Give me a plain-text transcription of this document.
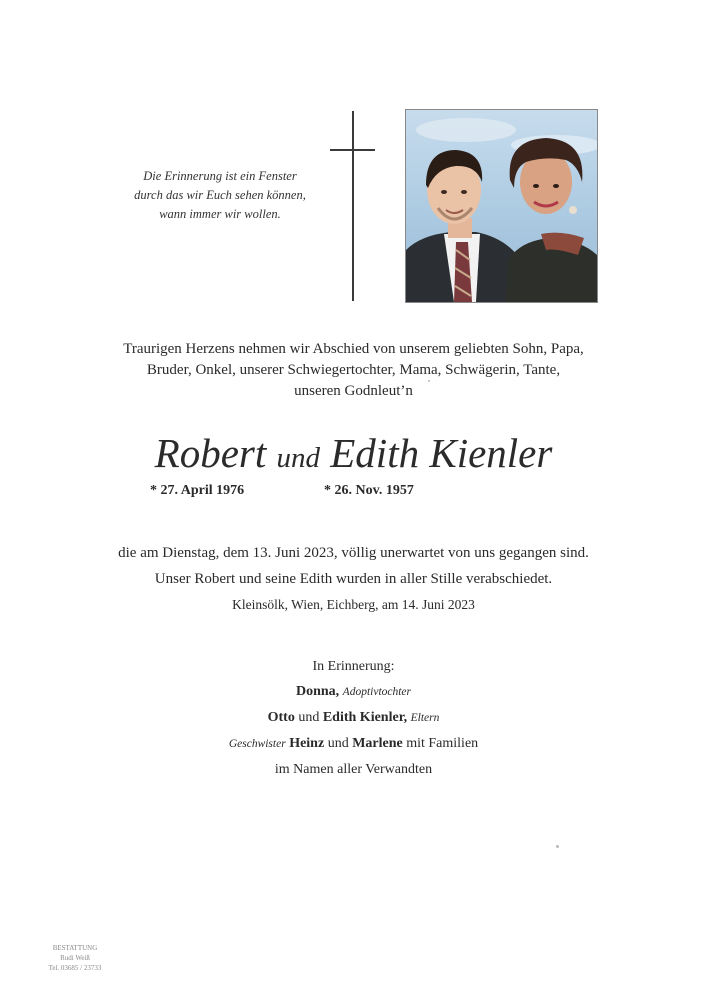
Die Erinnerung ist ein Fenster
durch das wir Euch sehen können,
wann immer wir wollen.
Traurigen Herzens nehmen wir Abschied von unserem geliebten Sohn, Papa,
Bruder, Onkel, unserer Schwiegertochter, Mama, Schwägerin, Tante,
unseren Godnleut’n
Robert und Edith Kienler
* 27. April 1976	* 26. Nov. 1957
die am Dienstag, dem 13. Juni 2023, völlig unerwartet von uns gegangen sind.
Unser Robert und seine Edith wurden in aller Stille verabschiedet.
Kleinsölk, Wien, Eichberg, am 14. Juni 2023
In Erinnerung:
Donna, Adoptivtochter
Otto und Edith Kienler, Eltern
Geschwister Heinz und Marlene mit Familien
im Namen aller Verwandten
BESTATTUNG
Rudi Weiß
Tel. 03685 / 23733
